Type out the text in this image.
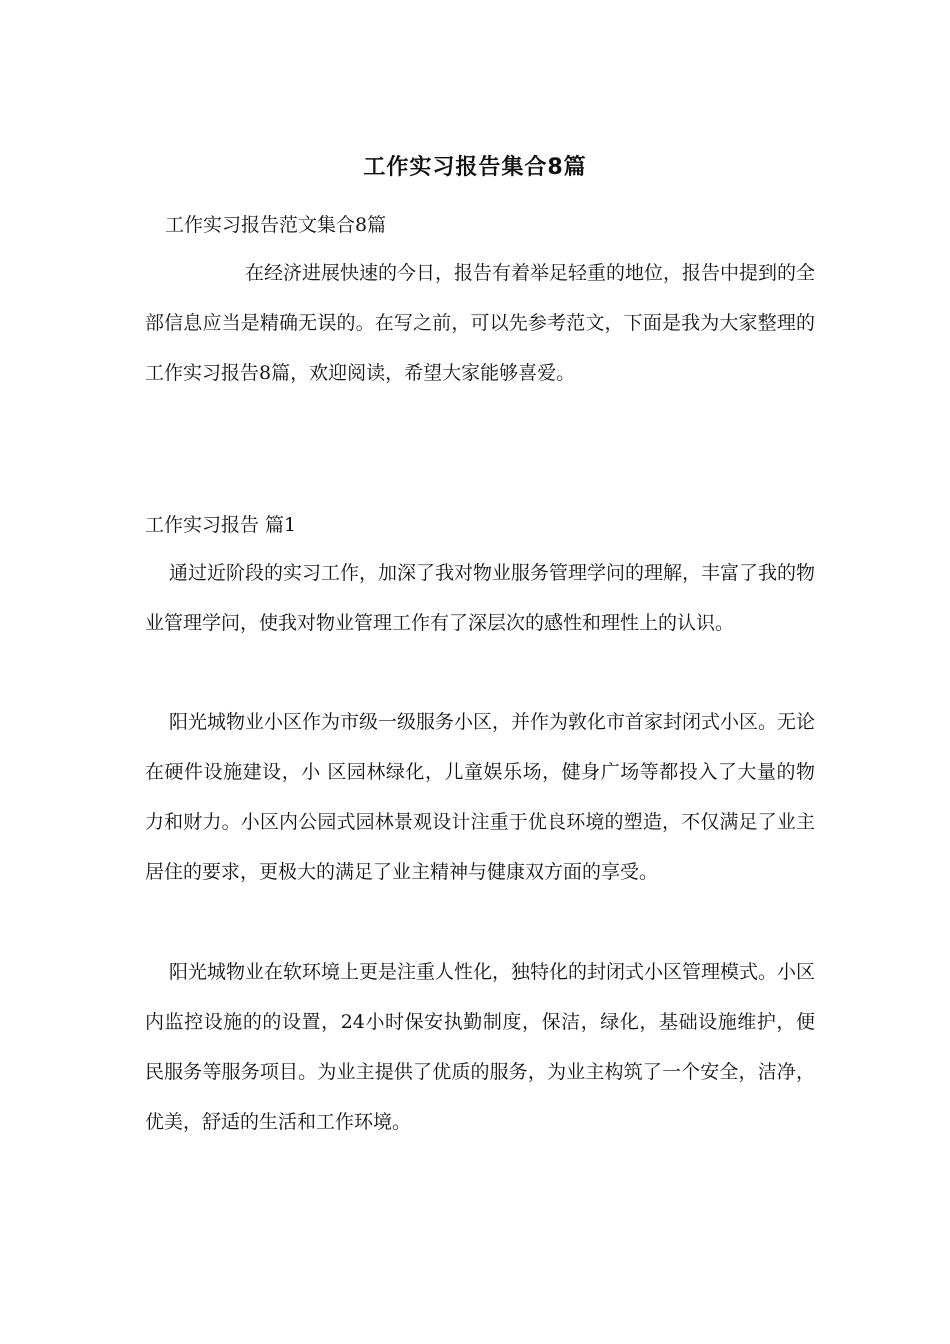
工作实习报告集合8篇

工作实习报告范文集合8篇

在经济进展快速的今日，报告有着举足轻重的地位，报告中提到的全部信息应当是精确无误的。在写之前，可以先参考范文，下面是我为大家整理的工作实习报告8篇，欢迎阅读，希望大家能够喜爱。

工作实习报告 篇1

通过近阶段的实习工作，加深了我对物业服务管理学问的理解，丰富了我的物业管理学问，使我对物业管理工作有了深层次的感性和理性上的认识。

阳光城物业小区作为市级一级服务小区，并作为敦化市首家封闭式小区。无论在硬件设施建设，小 区园林绿化，儿童娱乐场，健身广场等都投入了大量的物力和财力。小区内公园式园林景观设计注重于优良环境的塑造，不仅满足了业主居住的要求，更极大的满足了业主精神与健康双方面的享受。

阳光城物业在软环境上更是注重人性化，独特化的封闭式小区管理模式。小区内监控设施的的设置，24小时保安执勤制度，保洁，绿化，基础设施维护，便民服务等服务项目。为业主提供了优质的服务，为业主构筑了一个安全，洁净，优美，舒适的生活和工作环境。
